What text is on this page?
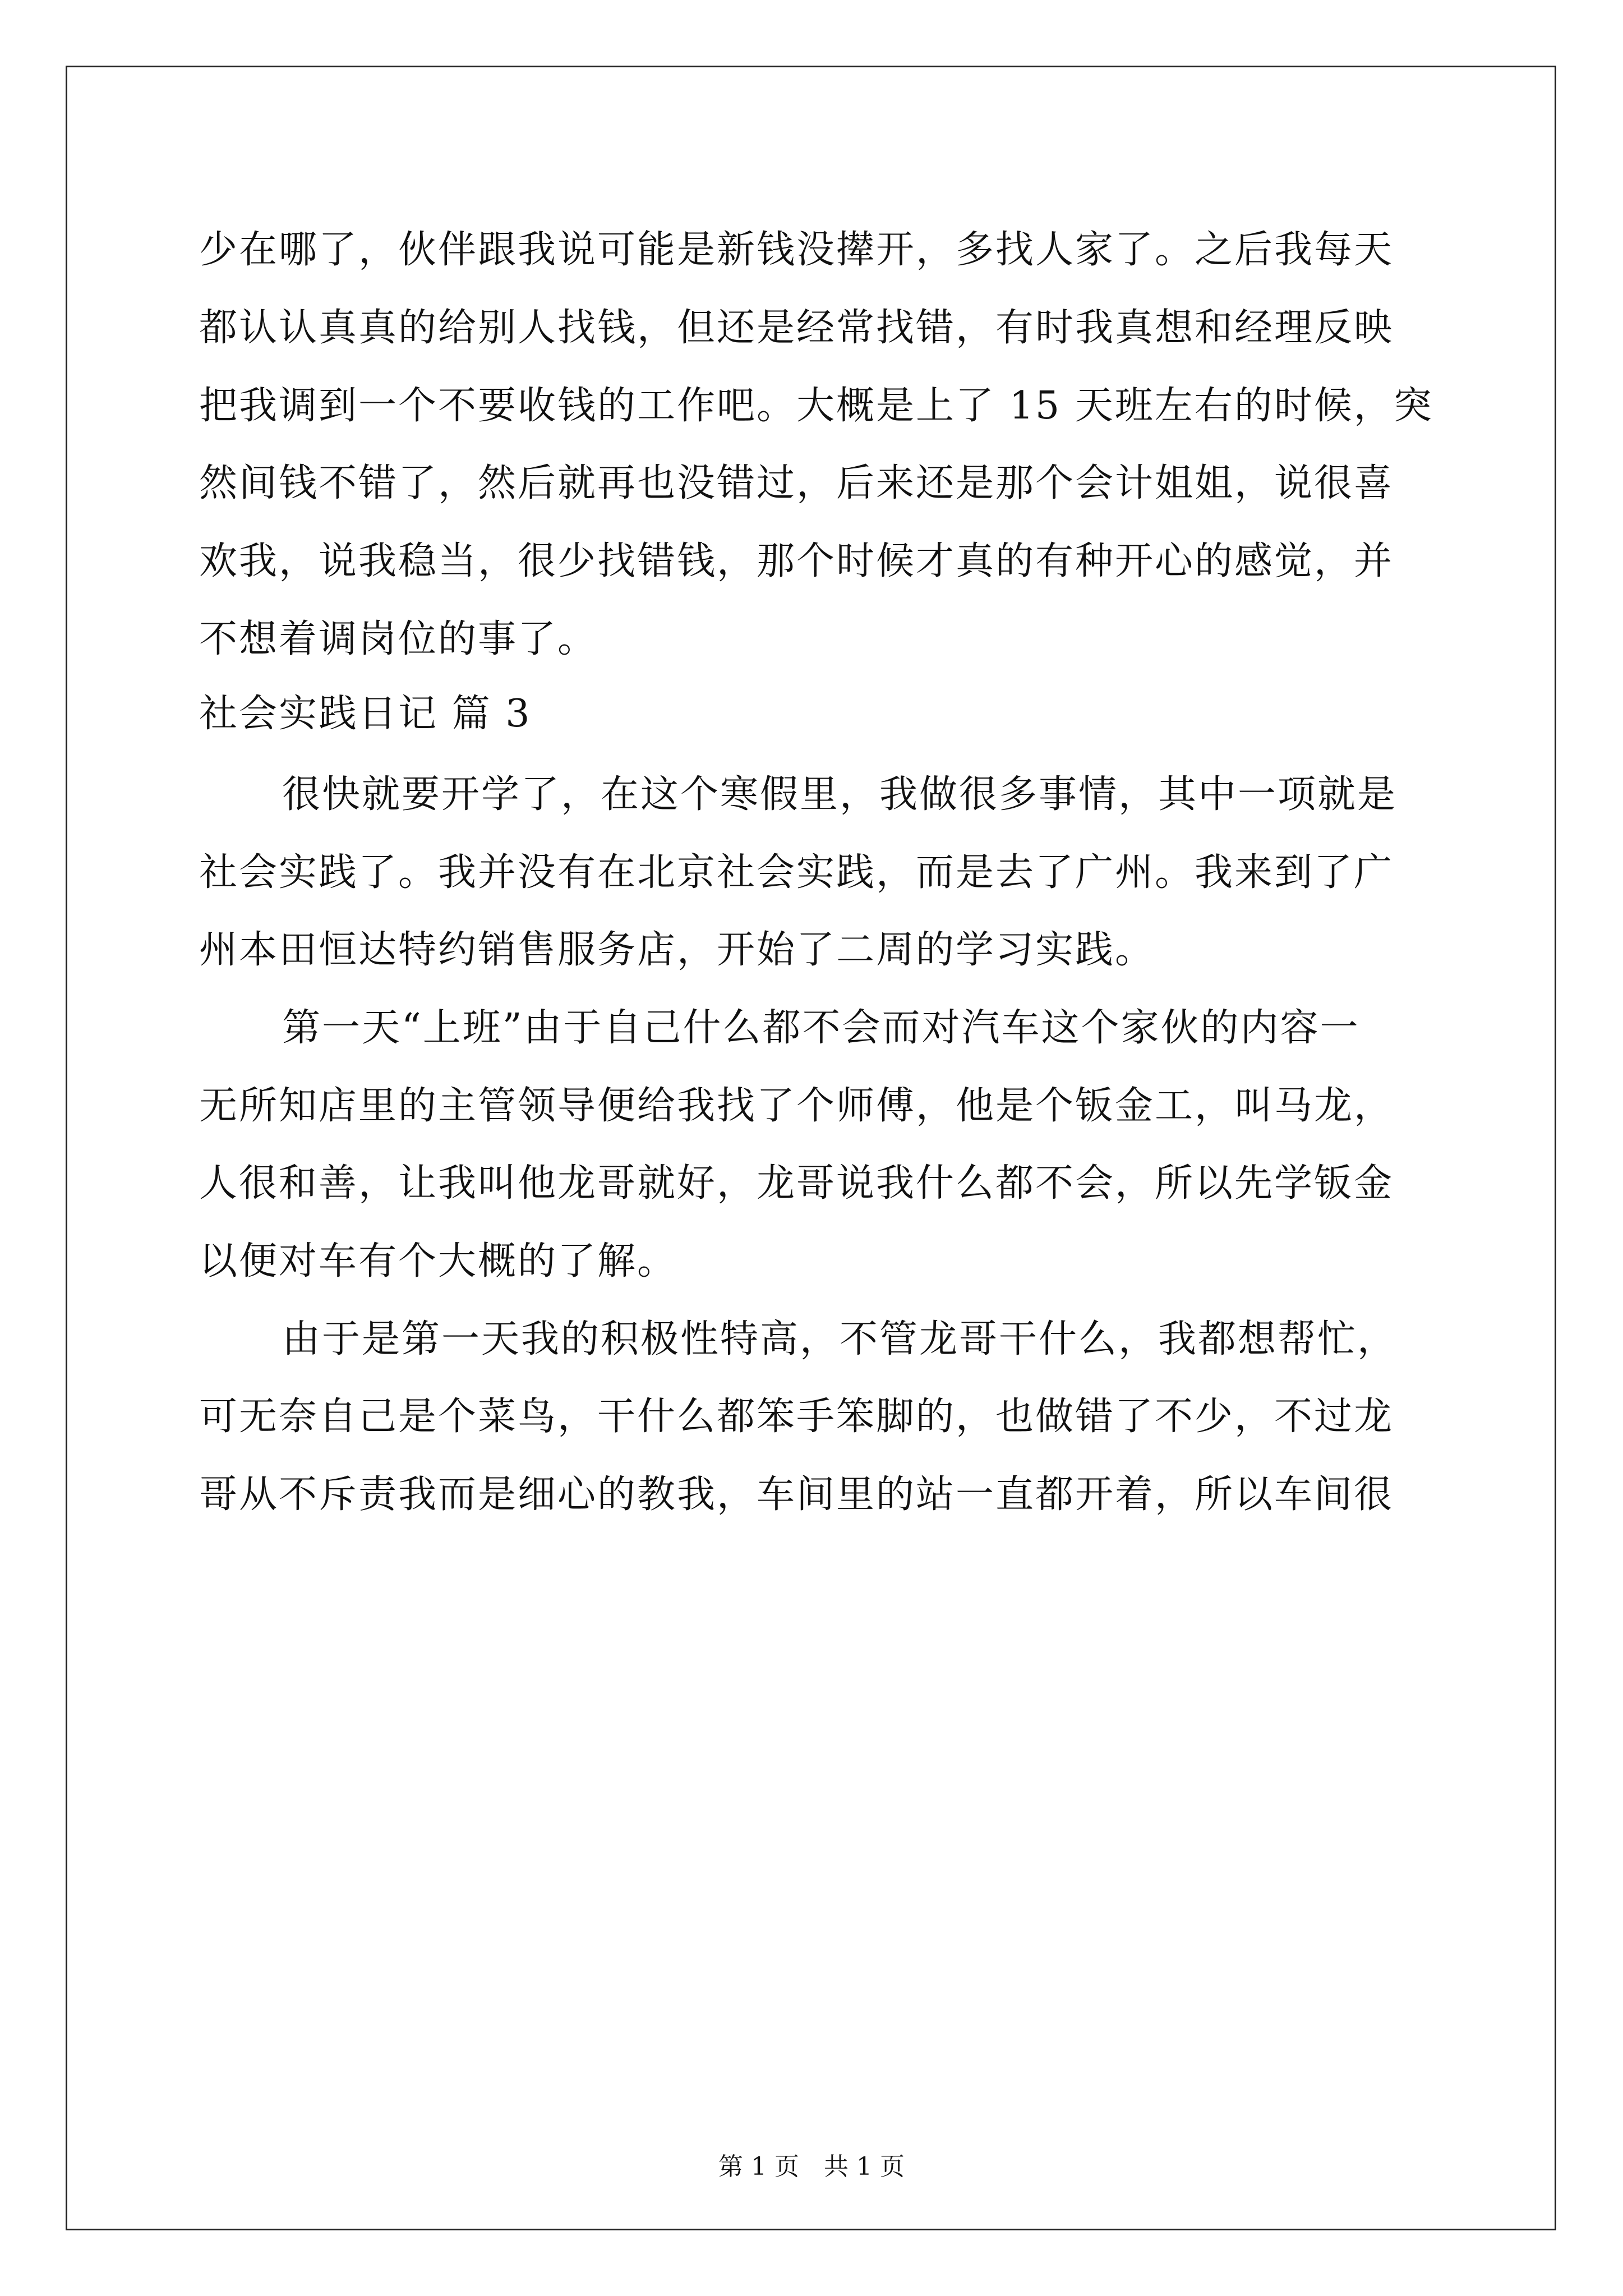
少在哪了，伙伴跟我说可能是新钱没撵开，多找人家了。之后我每天
都认认真真的给别人找钱，但还是经常找错，有时我真想和经理反映
把我调到一个不要收钱的工作吧。大概是上了 15 天班左右的时候，突
然间钱不错了，然后就再也没错过，后来还是那个会计姐姐，说很喜
欢我，说我稳当，很少找错钱，那个时候才真的有种开心的感觉，并
不想着调岗位的事了。
社会实践日记 篇 3
很快就要开学了，在这个寒假里，我做很多事情，其中一项就是
社会实践了。我并没有在北京社会实践，而是去了广州。我来到了广
州本田恒达特约销售服务店，开始了二周的学习实践。
第一天“上班”由于自己什么都不会而对汽车这个家伙的内容一
无所知店里的主管领导便给我找了个师傅，他是个钣金工，叫马龙，
人很和善，让我叫他龙哥就好，龙哥说我什么都不会，所以先学钣金
以便对车有个大概的了解。
由于是第一天我的积极性特高，不管龙哥干什么，我都想帮忙，
可无奈自己是个菜鸟，干什么都笨手笨脚的，也做错了不少，不过龙
哥从不斥责我而是细心的教我，车间里的站一直都开着，所以车间很
第 1 页　共 1 页
